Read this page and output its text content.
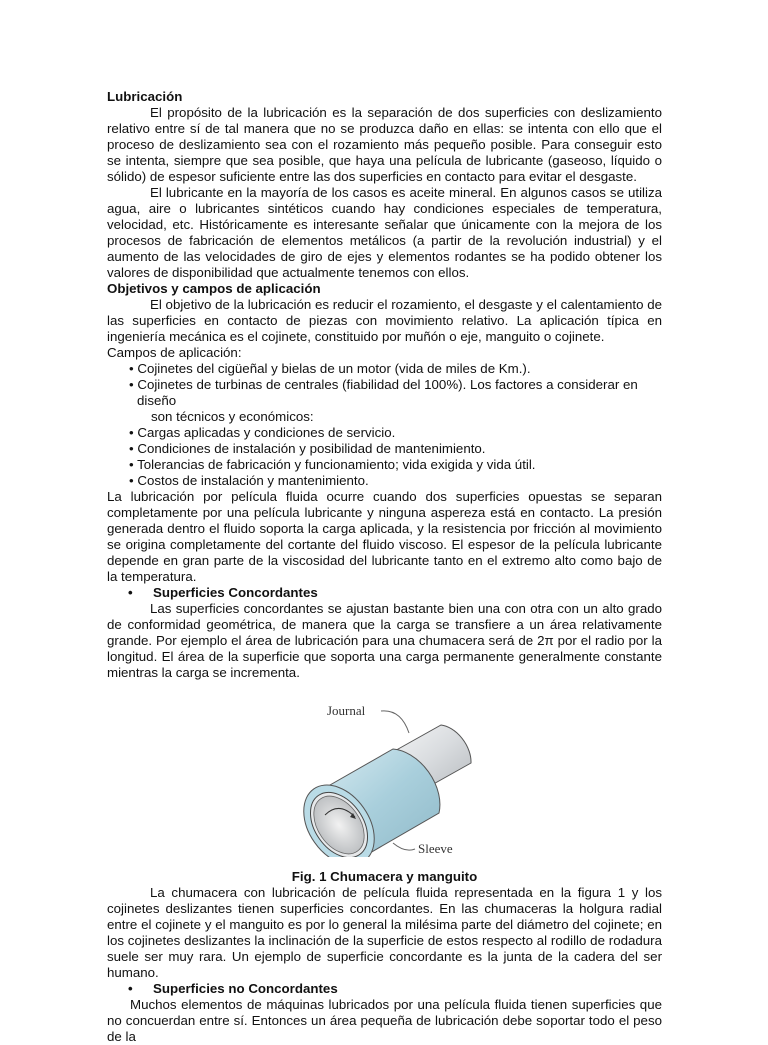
Lubricación

El propósito de la lubricación es la separación de dos superficies con deslizamiento relativo entre sí de tal manera que no se produzca daño en ellas: se intenta con ello que el proceso de deslizamiento sea con el rozamiento más pequeño posible. Para conseguir esto se intenta, siempre que sea posible, que haya una película de lubricante (gaseoso, líquido o sólido) de espesor suficiente entre las dos superficies en contacto para evitar el desgaste.

El lubricante en la mayoría de los casos es aceite mineral. En algunos casos se utiliza agua, aire o lubricantes sintéticos cuando hay condiciones especiales de temperatura, velocidad, etc. Históricamente es interesante señalar que únicamente con la mejora de los procesos de fabricación de elementos metálicos (a partir de la revolución industrial) y el aumento de las velocidades de giro de ejes y elementos rodantes se ha podido obtener los valores de disponibilidad que actualmente tenemos con ellos.

Objetivos y campos de aplicación

El objetivo de la lubricación es reducir el rozamiento, el desgaste y el calentamiento de las superficies en contacto de piezas con movimiento relativo. La aplicación típica en ingeniería mecánica es el cojinete, constituido por muñón o eje, manguito o cojinete.

Campos de aplicación:

• Cojinetes del cigüeñal y bielas de un motor (vida de miles de Km.).
• Cojinetes de turbinas de centrales (fiabilidad del 100%). Los factores a considerar en diseño
son técnicos y económicos:
• Cargas aplicadas y condiciones de servicio.
• Condiciones de instalación y posibilidad de mantenimiento.
• Tolerancias de fabricación y funcionamiento; vida exigida y vida útil.
• Costos de instalación y mantenimiento.

La lubricación por película fluida ocurre cuando dos superficies opuestas se separan completamente por una película lubricante y ninguna aspereza está en contacto. La presión generada dentro el fluido soporta la carga aplicada, y la resistencia por fricción al movimiento se origina completamente del cortante del fluido viscoso. El espesor de la película lubricante depende en gran parte de la viscosidad del lubricante tanto en el extremo alto como bajo de la temperatura.

•	Superficies Concordantes

Las superficies concordantes se ajustan bastante bien una con otra con un alto grado de conformidad geométrica, de manera que la carga se transfiere a un área relativamente grande. Por ejemplo el área de lubricación para una chumacera será de 2π por el radio por la longitud. El área de la superficie que soporta una carga permanente generalmente constante mientras la carga se incrementa.

Journal
Sleeve

Fig. 1 Chumacera y manguito

La chumacera con lubricación de película fluida representada en la figura 1 y los cojinetes deslizantes tienen superficies concordantes. En las chumaceras la holgura radial entre el cojinete y el manguito es por lo general la milésima parte del diámetro del cojinete; en los cojinetes deslizantes la inclinación de la superficie de estos respecto al rodillo de rodadura suele ser muy rara. Un ejemplo de superficie concordante es la junta de la cadera del ser humano.

•	Superficies no Concordantes

Muchos elementos de máquinas lubricados por una película fluida tienen superficies que no concuerdan entre sí. Entonces un área pequeña de lubricación debe soportar todo el peso de la
